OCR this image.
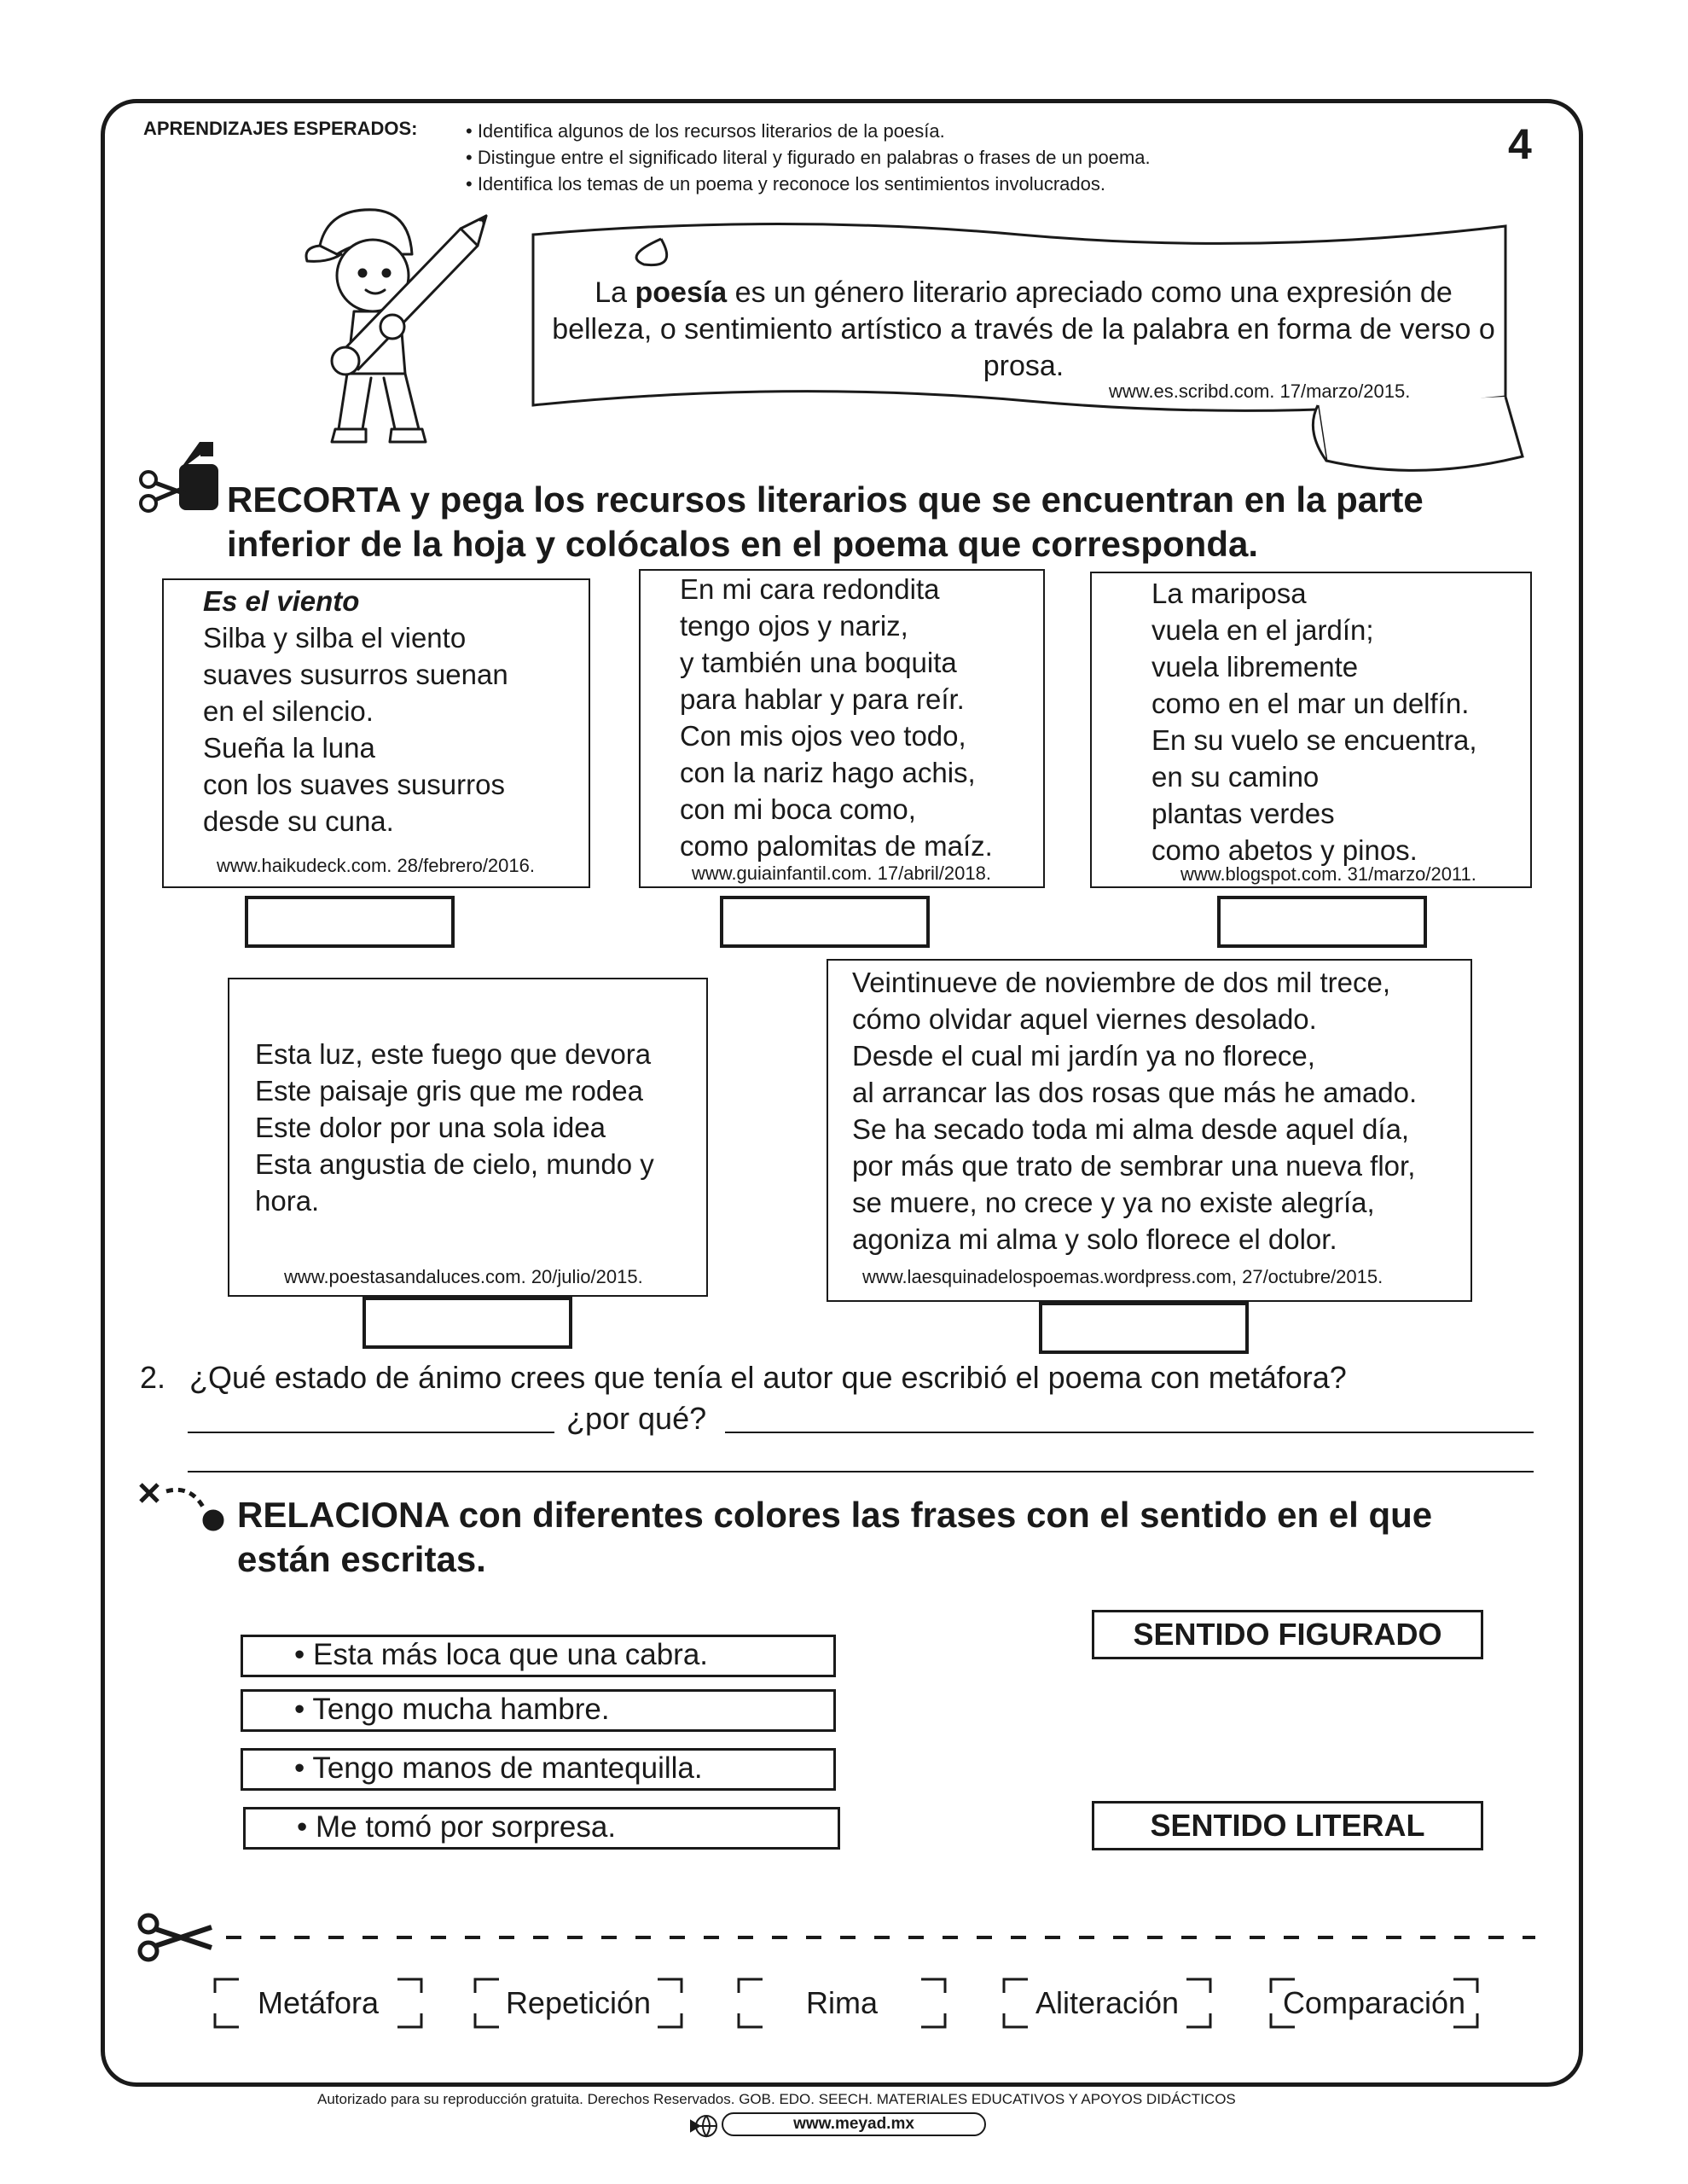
APRENDIZAJES ESPERADOS:	• Identifica algunos de los recursos literarios de la poesía.
• Distingue entre el significado literal y figurado en palabras o frases de un poema.
• Identifica los temas de un poema y reconoce los sentimientos involucrados.
4
La poesía es un género literario apreciado como una expresión de belleza, o sentimiento artístico a través de la palabra en forma de verso o prosa.
www.es.scribd.com. 17/marzo/2015.
RECORTA y pega los recursos literarios que se encuentran en la parte
inferior de la hoja y colócalos en el poema que corresponda.
Es el viento
Silba y silba el viento
suaves susurros suenan
en el silencio.
Sueña la luna
con los suaves susurros
desde su cuna.
www.haikudeck.com. 28/febrero/2016.
En mi cara redondita
tengo ojos y nariz,
y también una boquita
para hablar y para reír.
Con mis ojos veo todo,
con la nariz hago achis,
con mi boca como,
como palomitas de maíz.
www.guiainfantil.com. 17/abril/2018.
La mariposa
vuela en el jardín;
vuela libremente
como en el mar un delfín.
En su vuelo se encuentra,
en su camino
plantas verdes
como abetos y pinos.
www.blogspot.com. 31/marzo/2011.
Esta luz, este fuego que devora
Este paisaje gris que me rodea
Este dolor por una sola idea
Esta angustia de cielo, mundo y
hora.
www.poestasandaluces.com. 20/julio/2015.
Veintinueve de noviembre de dos mil trece,
cómo olvidar aquel viernes desolado.
Desde el cual mi jardín ya no florece,
al arrancar las dos rosas que más he amado.
Se ha secado toda mi alma desde aquel día,
por más que trato de sembrar una nueva flor,
se muere, no crece y ya no existe alegría,
agoniza mi alma y solo florece el dolor.
www.laesquinadelospoemas.wordpress.com, 27/octubre/2015.
2. ¿Qué estado de ánimo crees que tenía el autor que escribió el poema con metáfora?
¿por qué?
RELACIONA con diferentes colores las frases con el sentido en el que
están escritas.
• Esta más loca que una cabra.
• Tengo mucha hambre.
• Tengo manos de mantequilla.
• Me tomó por sorpresa.
SENTIDO FIGURADO
SENTIDO LITERAL
Metáfora	Repetición	Rima	Aliteración	Comparación
Autorizado para su reproducción gratuita. Derechos Reservados. GOB. EDO. SEECH. MATERIALES EDUCATIVOS Y APOYOS DIDÁCTICOS
www.meyad.mx
